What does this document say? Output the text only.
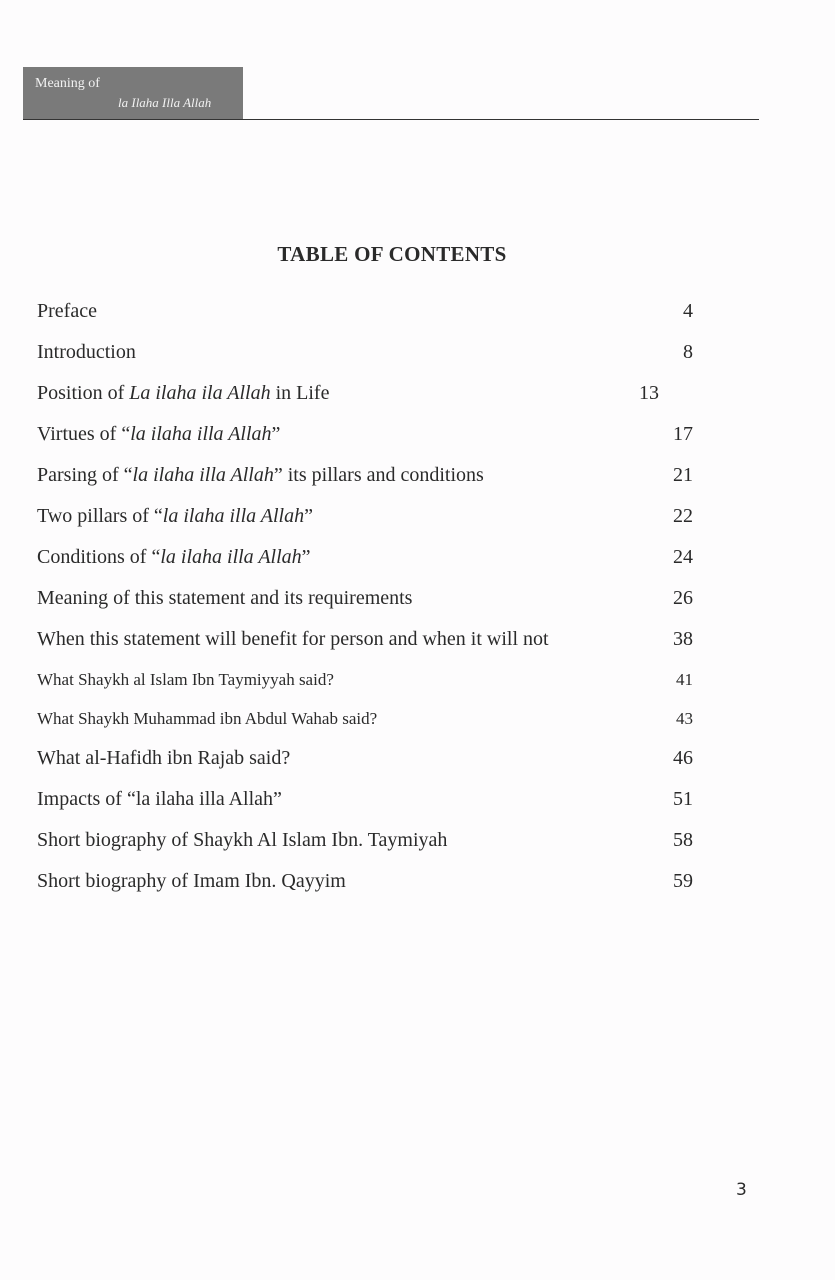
Meaning of
la Ilaha Illa Allah
TABLE OF CONTENTS
Preface	4
Introduction	8
Position of La ilaha ila Allah in Life	13
Virtues of “la ilaha illa Allah”	17
Parsing of “la ilaha illa Allah” its pillars and conditions	21
Two pillars of “la ilaha illa Allah”	22
Conditions of “la ilaha illa Allah”	24
Meaning of this statement and its requirements	26
When this statement will benefit for person and when it will not	38
What Shaykh al Islam Ibn Taymiyyah said?	41
What Shaykh Muhammad ibn Abdul Wahab said?	43
What al-Hafidh ibn Rajab said?	46
Impacts of “la ilaha illa Allah”	51
Short biography of Shaykh Al Islam Ibn. Taymiyah	58
Short biography of Imam Ibn. Qayyim	59
3
